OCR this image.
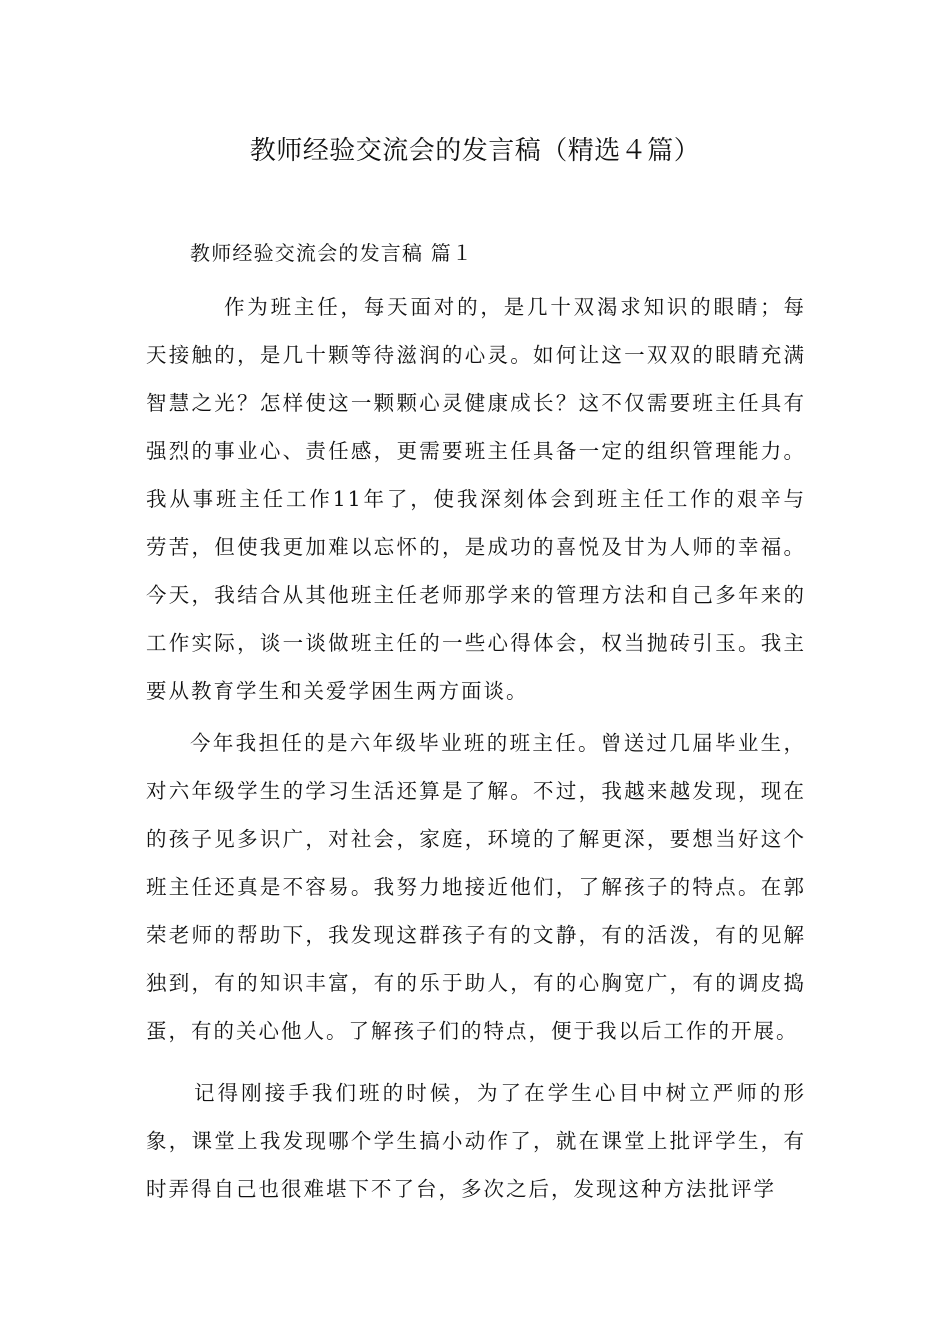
教师经验交流会的发言稿（精选４篇）
教师经验交流会的发言稿 篇１

作为班主任，每天面对的，是几十双渴求知识的眼睛；每天接触的，是几十颗等待滋润的心灵。如何让这一双双的眼睛充满智慧之光？怎样使这一颗颗心灵健康成长？这不仅需要班主任具有强烈的事业心、责任感，更需要班主任具备一定的组织管理能力。我从事班主任工作11年了，使我深刻体会到班主任工作的艰辛与劳苦，但使我更加难以忘怀的，是成功的喜悦及甘为人师的幸福。今天，我结合从其他班主任老师那学来的管理方法和自己多年来的工作实际，谈一谈做班主任的一些心得体会，权当抛砖引玉。我主要从教育学生和关爱学困生两方面谈。

今年我担任的是六年级毕业班的班主任。曾送过几届毕业生，对六年级学生的学习生活还算是了解。不过，我越来越发现，现在的孩子见多识广，对社会，家庭，环境的了解更深，要想当好这个班主任还真是不容易。我努力地接近他们，了解孩子的特点。在郭荣老师的帮助下，我发现这群孩子有的文静，有的活泼，有的见解独到，有的知识丰富，有的乐于助人，有的心胸宽广，有的调皮捣蛋，有的关心他人。了解孩子们的特点，便于我以后工作的开展。

记得刚接手我们班的时候，为了在学生心目中树立严师的形象，课堂上我发现哪个学生搞小动作了，就在课堂上批评学生，有时弄得自己也很难堪下不了台，多次之后，发现这种方法批评学
